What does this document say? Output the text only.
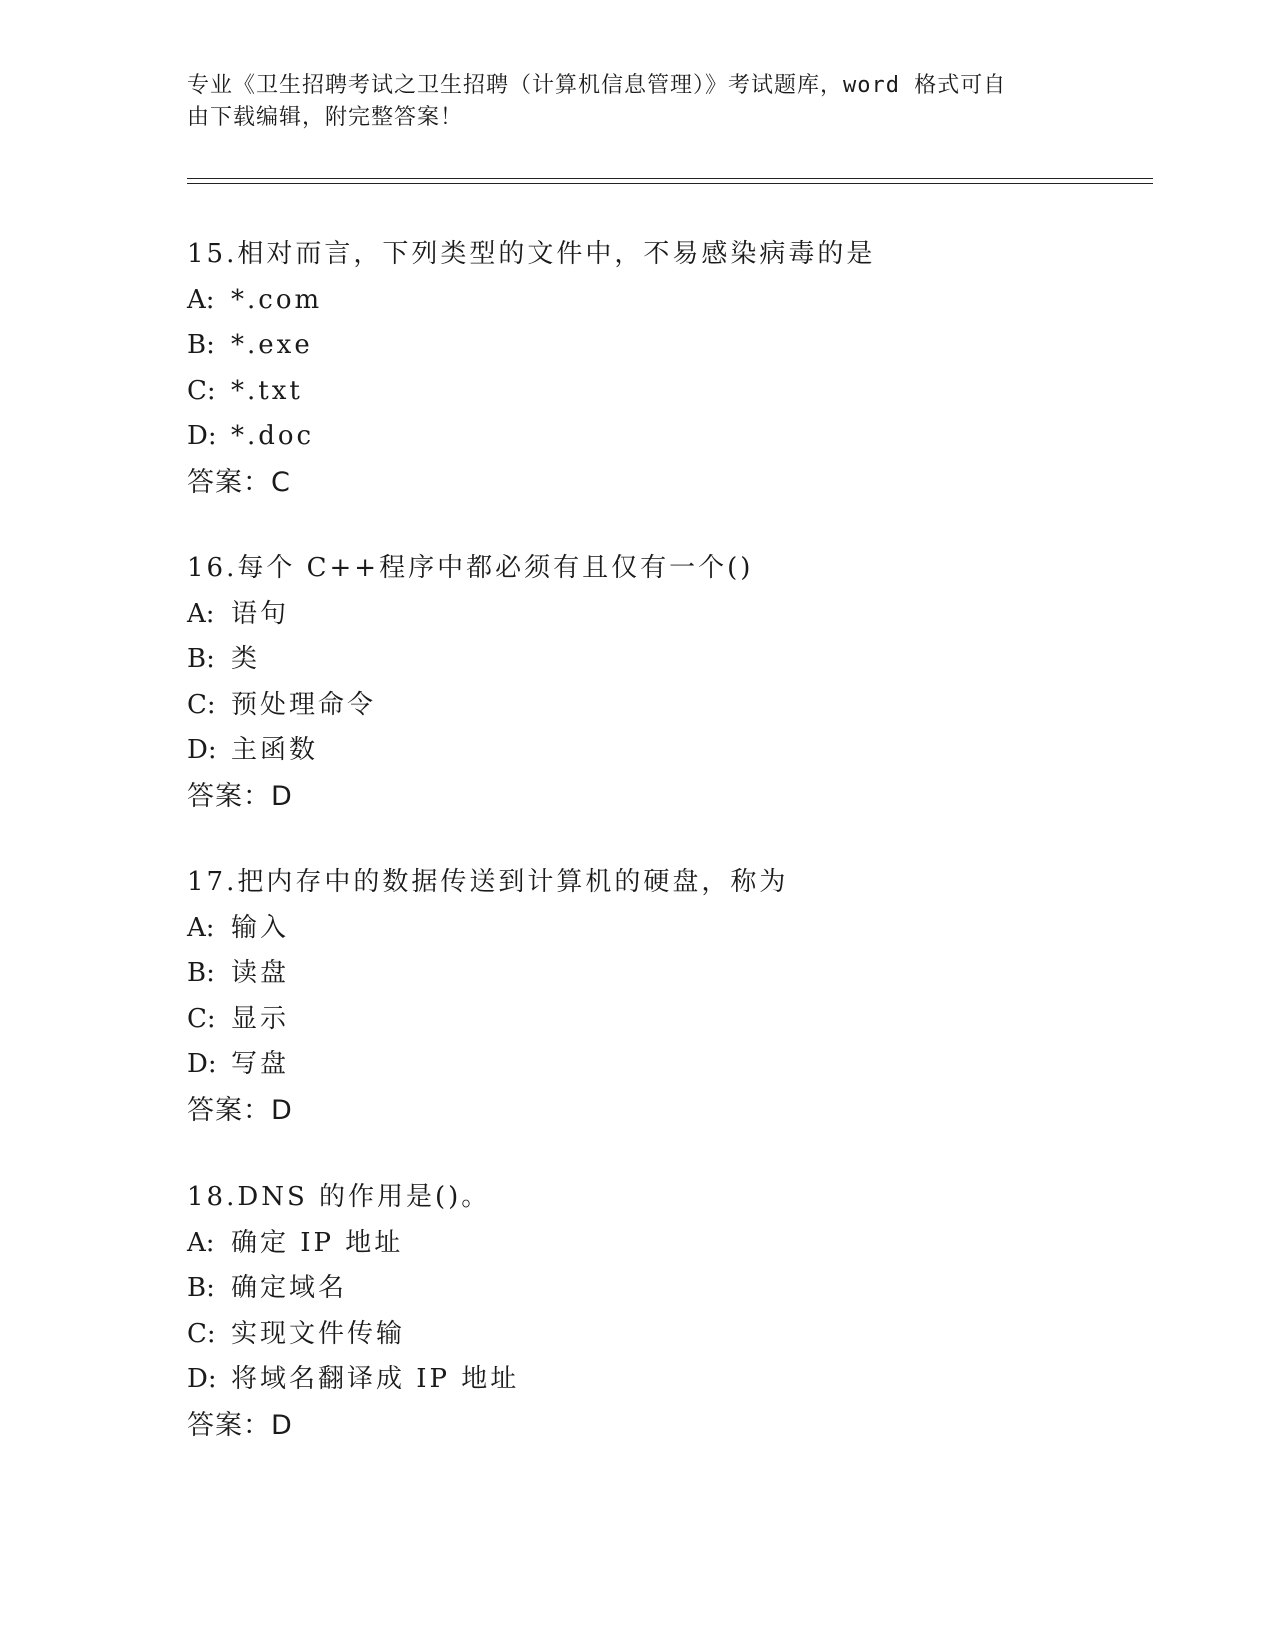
专业《卫生招聘考试之卫生招聘（计算机信息管理）》考试题库，word 格式可自
由下载编辑，附完整答案！
15.相对而言，下列类型的文件中，不易感染病毒的是
A: *.com
B: *.exe
C: *.txt
D: *.doc
答案：C
16.每个 C++程序中都必须有且仅有一个()
A: 语句
B: 类
C: 预处理命令
D: 主函数
答案：D
17.把内存中的数据传送到计算机的硬盘，称为
A: 输入
B: 读盘
C: 显示
D: 写盘
答案：D
18.DNS 的作用是()。
A: 确定 IP 地址
B: 确定域名
C: 实现文件传输
D: 将域名翻译成 IP 地址
答案：D
